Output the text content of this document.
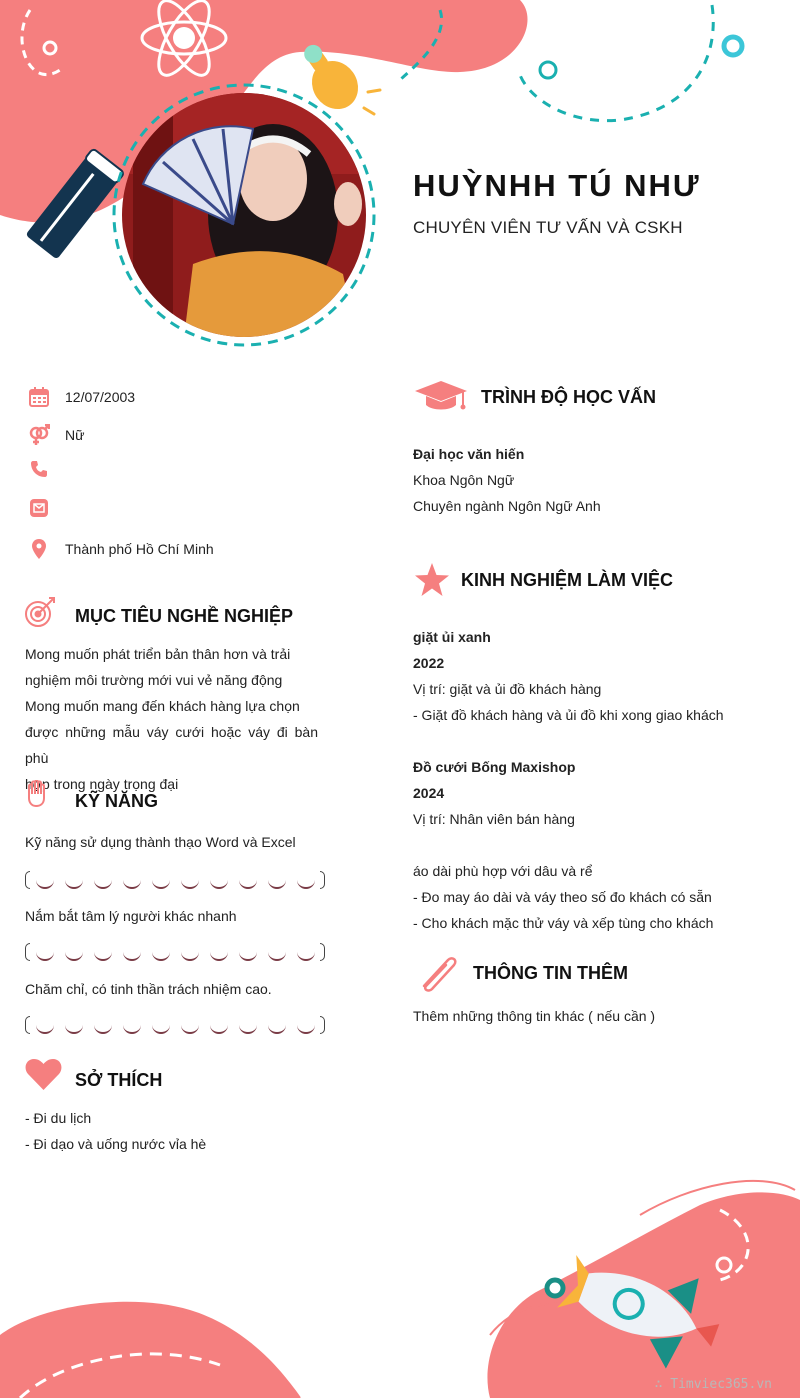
HUỲNHH TÚ NHƯ
CHUYÊN VIÊN TƯ VẤN VÀ CSKH
12/07/2003
Nữ
Thành phố Hồ Chí Minh
MỤC TIÊU NGHỀ NGHIỆP
Mong muốn phát triển bản thân hơn và trải
nghiệm môi trường mới vui vẻ năng động
Mong muốn mang đến khách hàng lựa chọn
được những mẫu váy cưới hoặc váy đi bàn phù
hợp trong ngày trọng đại
KỸ NĂNG
Kỹ năng sử dụng thành thạo Word và Excel
Nắm bắt tâm lý người khác nhanh
Chăm chỉ, có tinh thần trách nhiệm cao.
SỞ THÍCH
- Đi du lịch
- Đi dạo và uống nước vỉa hè
TRÌNH ĐỘ HỌC VẤN
Đại học văn hiến
Khoa Ngôn Ngữ
Chuyên ngành Ngôn Ngữ Anh
KINH NGHIỆM LÀM VIỆC
giặt ủi xanh
2022
Vị trí: giặt và ủi đồ khách hàng
- Giặt đồ khách hàng và ủi đồ khi xong giao khách
Đồ cưới Bống Maxishop
2024
Vị trí: Nhân viên bán hàng
áo dài phù hợp với dâu và rể
- Đo may áo dài và váy theo số đo khách có sẵn
- Cho khách mặc thử váy và xếp tùng cho khách
THÔNG TIN THÊM
Thêm những thông tin khác ( nếu cần )
∴ Timviec365.vn
